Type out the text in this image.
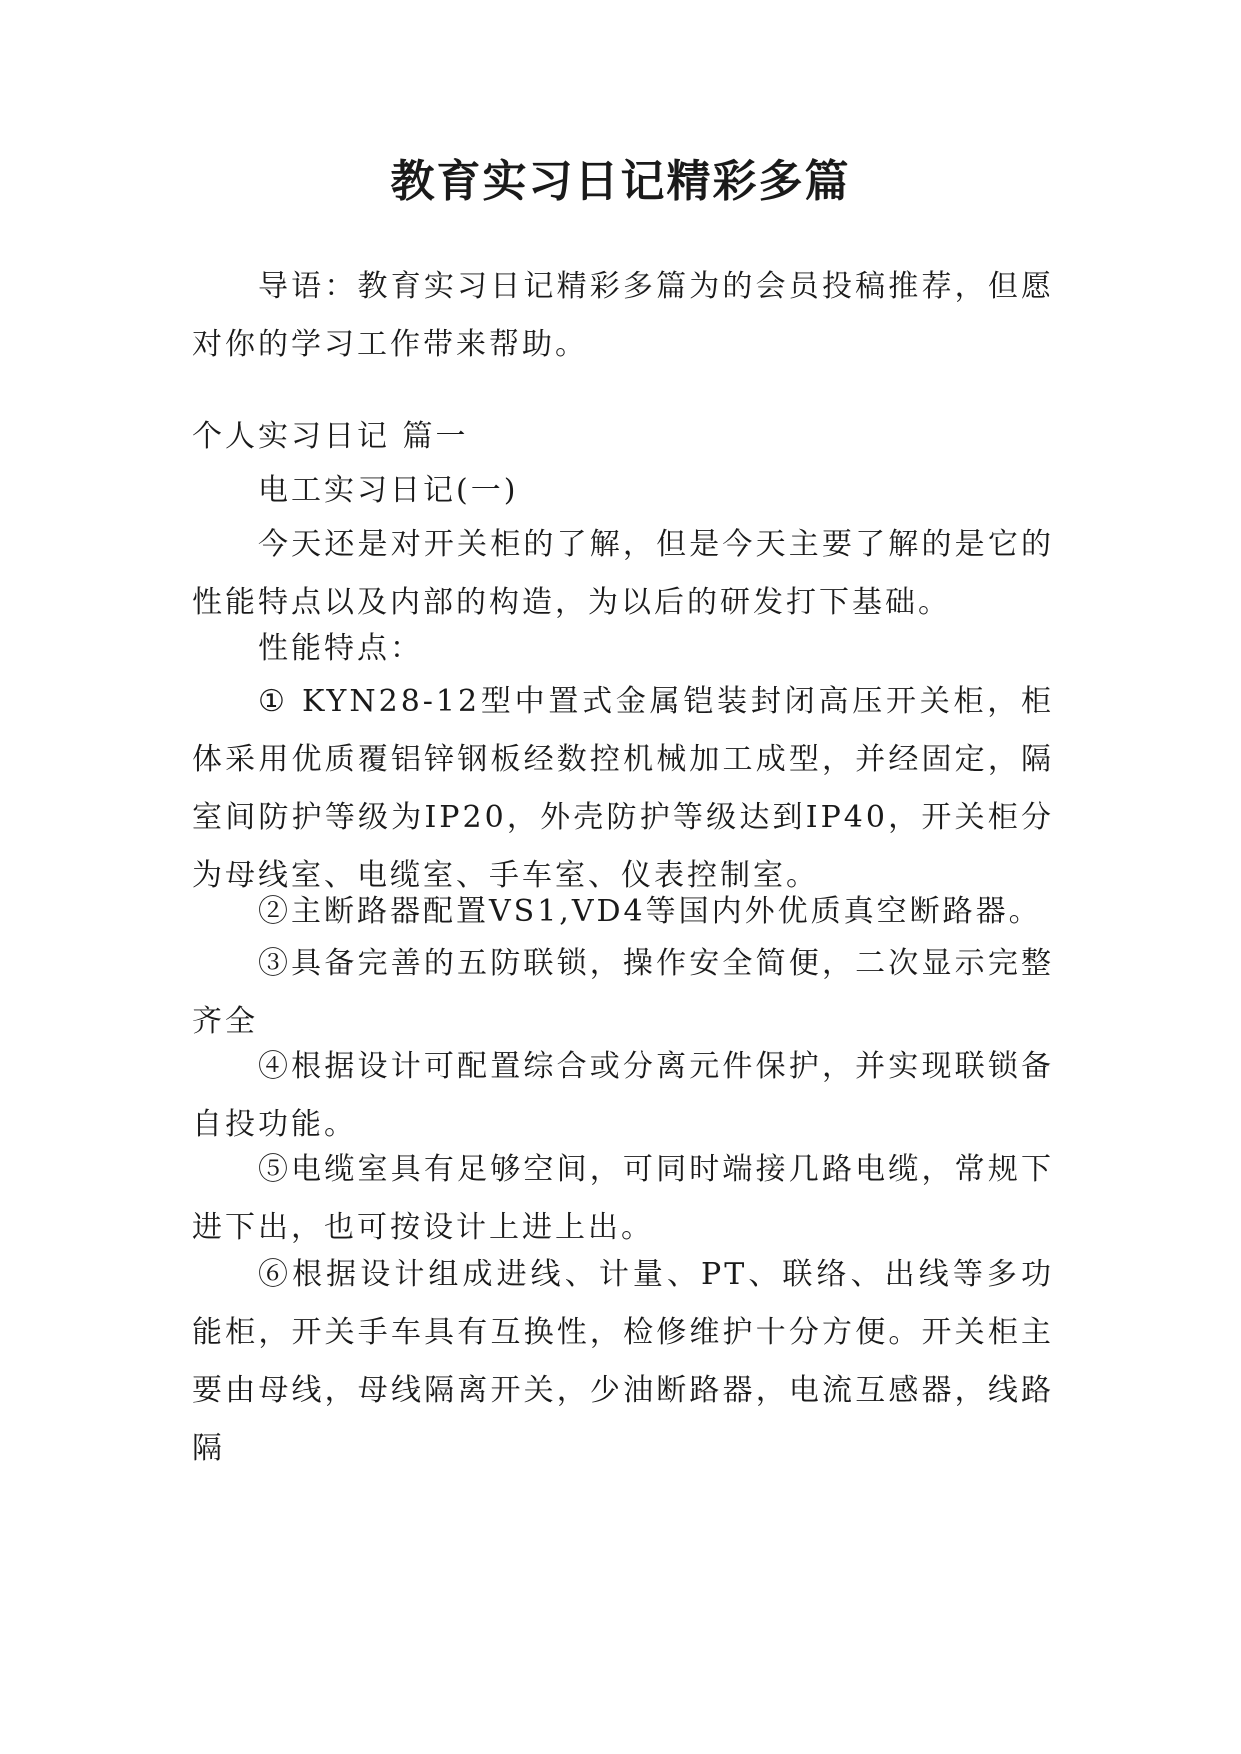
教育实习日记精彩多篇

导语：教育实习日记精彩多篇为的会员投稿推荐，但愿对你的学习工作带来帮助。

个人实习日记 篇一

电工实习日记(一)

今天还是对开关柜的了解，但是今天主要了解的是它的性能特点以及内部的构造，为以后的研发打下基础。

性能特点：

① KYN28-12型中置式金属铠装封闭高压开关柜，柜体采用优质覆铝锌钢板经数控机械加工成型，并经固定，隔室间防护等级为IP20，外壳防护等级达到IP40，开关柜分为母线室、电缆室、手车室、仪表控制室。

②主断路器配置VS1,VD4等国内外优质真空断路器。

③具备完善的五防联锁，操作安全简便，二次显示完整齐全

④根据设计可配置综合或分离元件保护，并实现联锁备自投功能。

⑤电缆室具有足够空间，可同时端接几路电缆，常规下进下出，也可按设计上进上出。

⑥根据设计组成进线、计量、PT、联络、出线等多功能柜，开关手车具有互换性，检修维护十分方便。开关柜主要由母线，母线隔离开关，少油断路器，电流互感器，线路隔
